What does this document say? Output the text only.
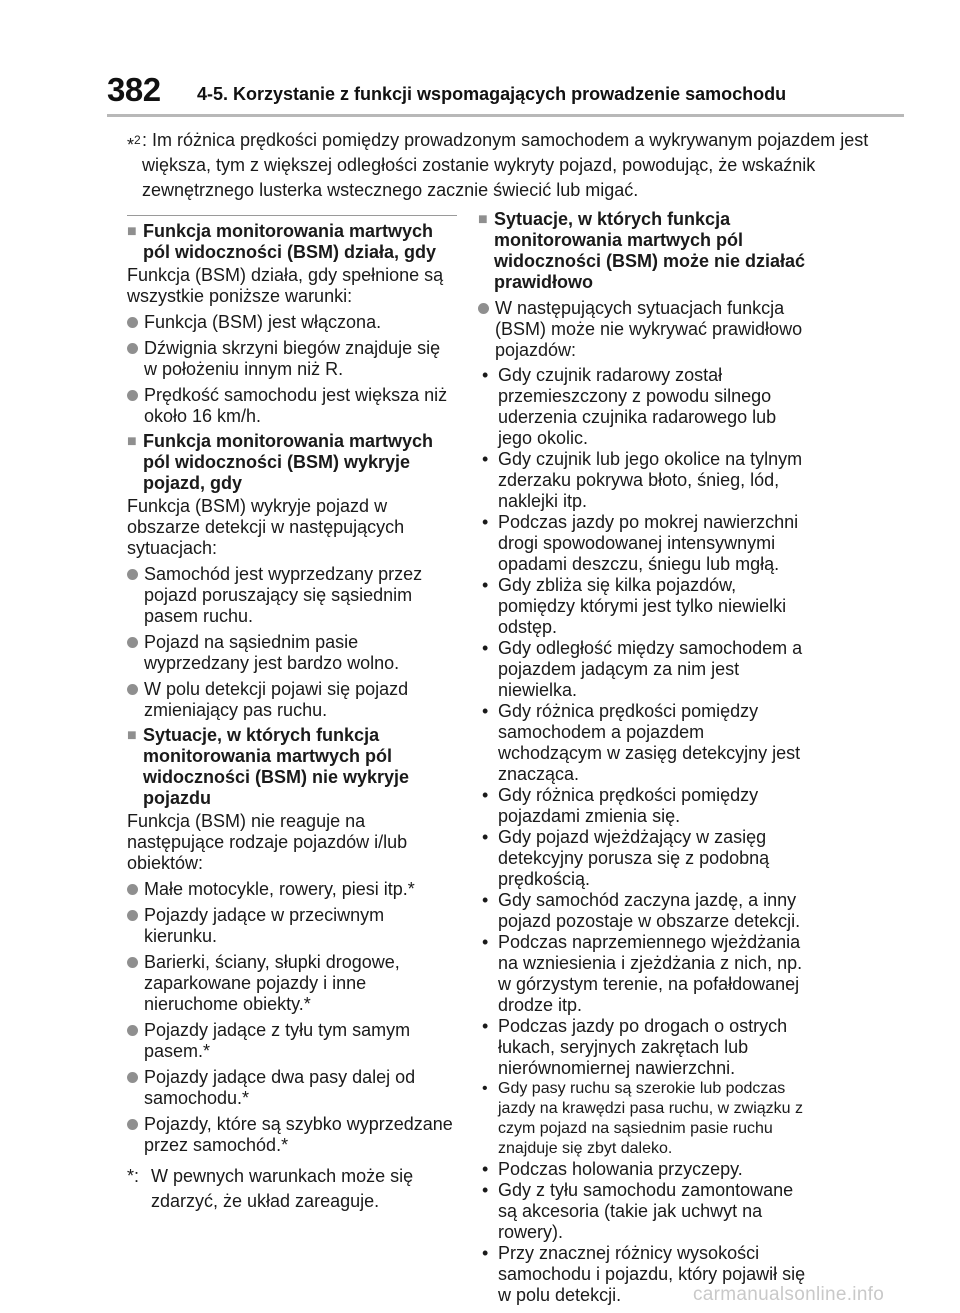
382 4-5. Korzystanie z funkcji wspomagających prowadzenie samochodu
*$^2$ : Im różnica prędkości pomiędzy prowadzonym samochodem a wykrywanym pojazdem jest większa, tym z większej odległości zostanie wykryty pojazd, powodując, że wskaźnik zewnętrznego lusterka wstecznego zacznie świecić lub migać.
■ Funkcja monitorowania martwych pól widoczności (BSM) działa, gdy
Funkcja (BSM) działa, gdy spełnione są wszystkie poniższe warunki:
Funkcja (BSM) jest włączona.
Dźwignia skrzyni biegów znajduje się w położeniu innym niż R.
Prędkość samochodu jest większa niż około 16 km/h.
■ Funkcja monitorowania martwych pól widoczności (BSM) wykryje pojazd, gdy
Funkcja (BSM) wykryje pojazd w obszarze detekcji w następujących sytuacjach:
Samochód jest wyprzedzany przez pojazd poruszający się sąsiednim pasem ruchu.
Pojazd na sąsiednim pasie wyprzedzany jest bardzo wolno.
W polu detekcji pojawi się pojazd zmieniający pas ruchu.
■ Sytuacje, w których funkcja monitorowania martwych pól widoczności (BSM) nie wykryje pojazdu
Funkcja (BSM) nie reaguje na następujące rodzaje pojazdów i/lub obiektów:
Małe motocykle, rowery, piesi itp.*
Pojazdy jadące w przeciwnym kierunku.
Barierki, ściany, słupki drogowe, zaparkowane pojazdy i inne nieruchome obiekty.*
Pojazdy jadące z tyłu tym samym pasem.*
Pojazdy jadące dwa pasy dalej od samochodu.*
Pojazdy, które są szybko wyprzedzane przez samochód.*
*: W pewnych warunkach może się zdarzyć, że układ zareaguje.
■ Sytuacje, w których funkcja monitorowania martwych pól widoczności (BSM) może nie działać prawidłowo
W następujących sytuacjach funkcja (BSM) może nie wykrywać prawidłowo pojazdów:
• Gdy czujnik radarowy został przemieszczony z powodu silnego uderzenia czujnika radarowego lub jego okolic.
• Gdy czujnik lub jego okolice na tylnym zderzaku pokrywa błoto, śnieg, lód, naklejki itp.
• Podczas jazdy po mokrej nawierzchni drogi spowodowanej intensywnymi opadami deszczu, śniegu lub mgłą.
• Gdy zbliża się kilka pojazdów, pomiędzy którymi jest tylko niewielki odstęp.
• Gdy odległość między samochodem a pojazdem jadącym za nim jest niewielka.
• Gdy różnica prędkości pomiędzy samochodem a pojazdem wchodzącym w zasięg detekcyjny jest znacząca.
• Gdy różnica prędkości pomiędzy pojazdami zmienia się.
• Gdy pojazd wjeżdżający w zasięg detekcyjny porusza się z podobną prędkością.
• Gdy samochód zaczyna jazdę, a inny pojazd pozostaje w obszarze detekcji.
• Podczas naprzemiennego wjeżdżania na wzniesienia i zjeżdżania z nich, np. w górzystym terenie, na pofałdowanej drodze itp.
• Podczas jazdy po drogach o ostrych łukach, seryjnych zakrętach lub nierównomiernej nawierzchni.
• Gdy pasy ruchu są szerokie lub podczas jazdy na krawędzi pasa ruchu, w związku z czym pojazd na sąsiednim pasie ruchu znajduje się zbyt daleko.
• Podczas holowania przyczepy.
• Gdy z tyłu samochodu zamontowane są akcesoria (takie jak uchwyt na rowery).
• Przy znacznej różnicy wysokości samochodu i pojazdu, który pojawił się w polu detekcji.	carmanualsonline.info
